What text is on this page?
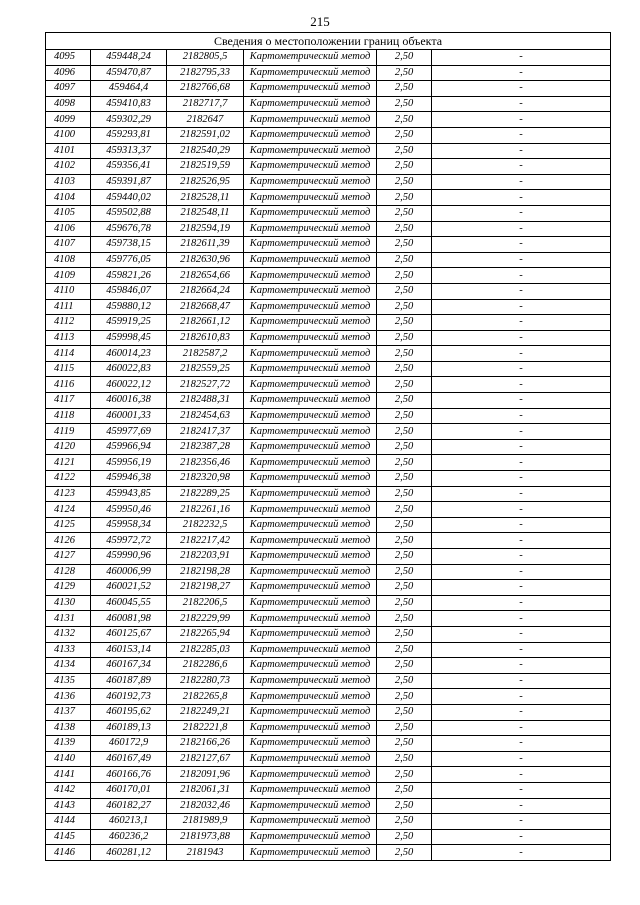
215
Сведения о местоположении границ объекта					
4095	459448,24	2182805,5	Картометрический метод	2,50	-
4096	459470,87	2182795,33	Картометрический метод	2,50	-
4097	459464,4	2182766,68	Картометрический метод	2,50	-
4098	459410,83	2182717,7	Картометрический метод	2,50	-
4099	459302,29	2182647	Картометрический метод	2,50	-
4100	459293,81	2182591,02	Картометрический метод	2,50	-
4101	459313,37	2182540,29	Картометрический метод	2,50	-
4102	459356,41	2182519,59	Картометрический метод	2,50	-
4103	459391,87	2182526,95	Картометрический метод	2,50	-
4104	459440,02	2182528,11	Картометрический метод	2,50	-
4105	459502,88	2182548,11	Картометрический метод	2,50	-
4106	459676,78	2182594,19	Картометрический метод	2,50	-
4107	459738,15	2182611,39	Картометрический метод	2,50	-
4108	459776,05	2182630,96	Картометрический метод	2,50	-
4109	459821,26	2182654,66	Картометрический метод	2,50	-
4110	459846,07	2182664,24	Картометрический метод	2,50	-
4111	459880,12	2182668,47	Картометрический метод	2,50	-
4112	459919,25	2182661,12	Картометрический метод	2,50	-
4113	459998,45	2182610,83	Картометрический метод	2,50	-
4114	460014,23	2182587,2	Картометрический метод	2,50	-
4115	460022,83	2182559,25	Картометрический метод	2,50	-
4116	460022,12	2182527,72	Картометрический метод	2,50	-
4117	460016,38	2182488,31	Картометрический метод	2,50	-
4118	460001,33	2182454,63	Картометрический метод	2,50	-
4119	459977,69	2182417,37	Картометрический метод	2,50	-
4120	459966,94	2182387,28	Картометрический метод	2,50	-
4121	459956,19	2182356,46	Картометрический метод	2,50	-
4122	459946,38	2182320,98	Картометрический метод	2,50	-
4123	459943,85	2182289,25	Картометрический метод	2,50	-
4124	459950,46	2182261,16	Картометрический метод	2,50	-
4125	459958,34	2182232,5	Картометрический метод	2,50	-
4126	459972,72	2182217,42	Картометрический метод	2,50	-
4127	459990,96	2182203,91	Картометрический метод	2,50	-
4128	460006,99	2182198,28	Картометрический метод	2,50	-
4129	460021,52	2182198,27	Картометрический метод	2,50	-
4130	460045,55	2182206,5	Картометрический метод	2,50	-
4131	460081,98	2182229,99	Картометрический метод	2,50	-
4132	460125,67	2182265,94	Картометрический метод	2,50	-
4133	460153,14	2182285,03	Картометрический метод	2,50	-
4134	460167,34	2182286,6	Картометрический метод	2,50	-
4135	460187,89	2182280,73	Картометрический метод	2,50	-
4136	460192,73	2182265,8	Картометрический метод	2,50	-
4137	460195,62	2182249,21	Картометрический метод	2,50	-
4138	460189,13	2182221,8	Картометрический метод	2,50	-
4139	460172,9	2182166,26	Картометрический метод	2,50	-
4140	460167,49	2182127,67	Картометрический метод	2,50	-
4141	460166,76	2182091,96	Картометрический метод	2,50	-
4142	460170,01	2182061,31	Картометрический метод	2,50	-
4143	460182,27	2182032,46	Картометрический метод	2,50	-
4144	460213,1	2181989,9	Картометрический метод	2,50	-
4145	460236,2	2181973,88	Картометрический метод	2,50	-
4146	460281,12	2181943	Картометрический метод	2,50	-
